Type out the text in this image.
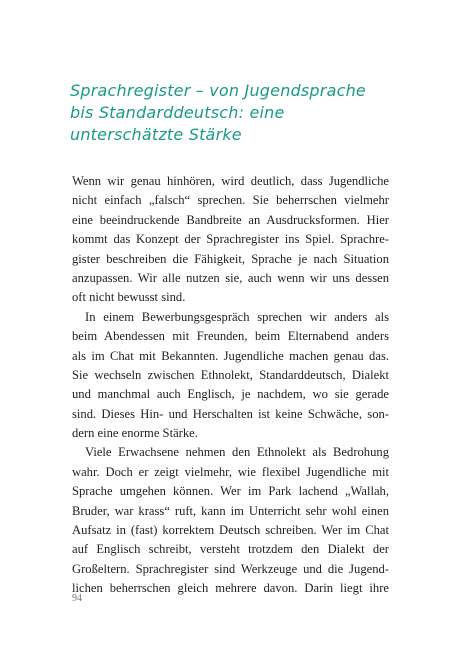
Sprachregister – von Jugendsprache
bis Standarddeutsch: eine
unterschätzte Stärke
Wenn wir genau hinhören, wird deutlich, dass Jugendliche
nicht einfach „falsch“ sprechen. Sie beherrschen vielmehr
eine beeindruckende Bandbreite an Ausdrucksformen. Hier
kommt das Konzept der Sprachregister ins Spiel. Sprachre-
gister beschreiben die Fähigkeit, Sprache je nach Situation
anzupassen. Wir alle nutzen sie, auch wenn wir uns dessen
oft nicht bewusst sind.
In einem Bewerbungsgespräch sprechen wir anders als
beim Abendessen mit Freunden, beim Elternabend anders
als im Chat mit Bekannten. Jugendliche machen genau das.
Sie wechseln zwischen Ethnolekt, Standarddeutsch, Dialekt
und manchmal auch Englisch, je nachdem, wo sie gerade
sind. Dieses Hin- und Herschalten ist keine Schwäche, son-
dern eine enorme Stärke.
Viele Erwachsene nehmen den Ethnolekt als Bedrohung
wahr. Doch er zeigt vielmehr, wie flexibel Jugendliche mit
Sprache umgehen können. Wer im Park lachend „Wallah,
Bruder, war krass“ ruft, kann im Unterricht sehr wohl einen
Aufsatz in (fast) korrektem Deutsch schreiben. Wer im Chat
auf Englisch schreibt, versteht trotzdem den Dialekt der
Großeltern. Sprachregister sind Werkzeuge und die Jugend-
lichen beherrschen gleich mehrere davon. Darin liegt ihre

94
